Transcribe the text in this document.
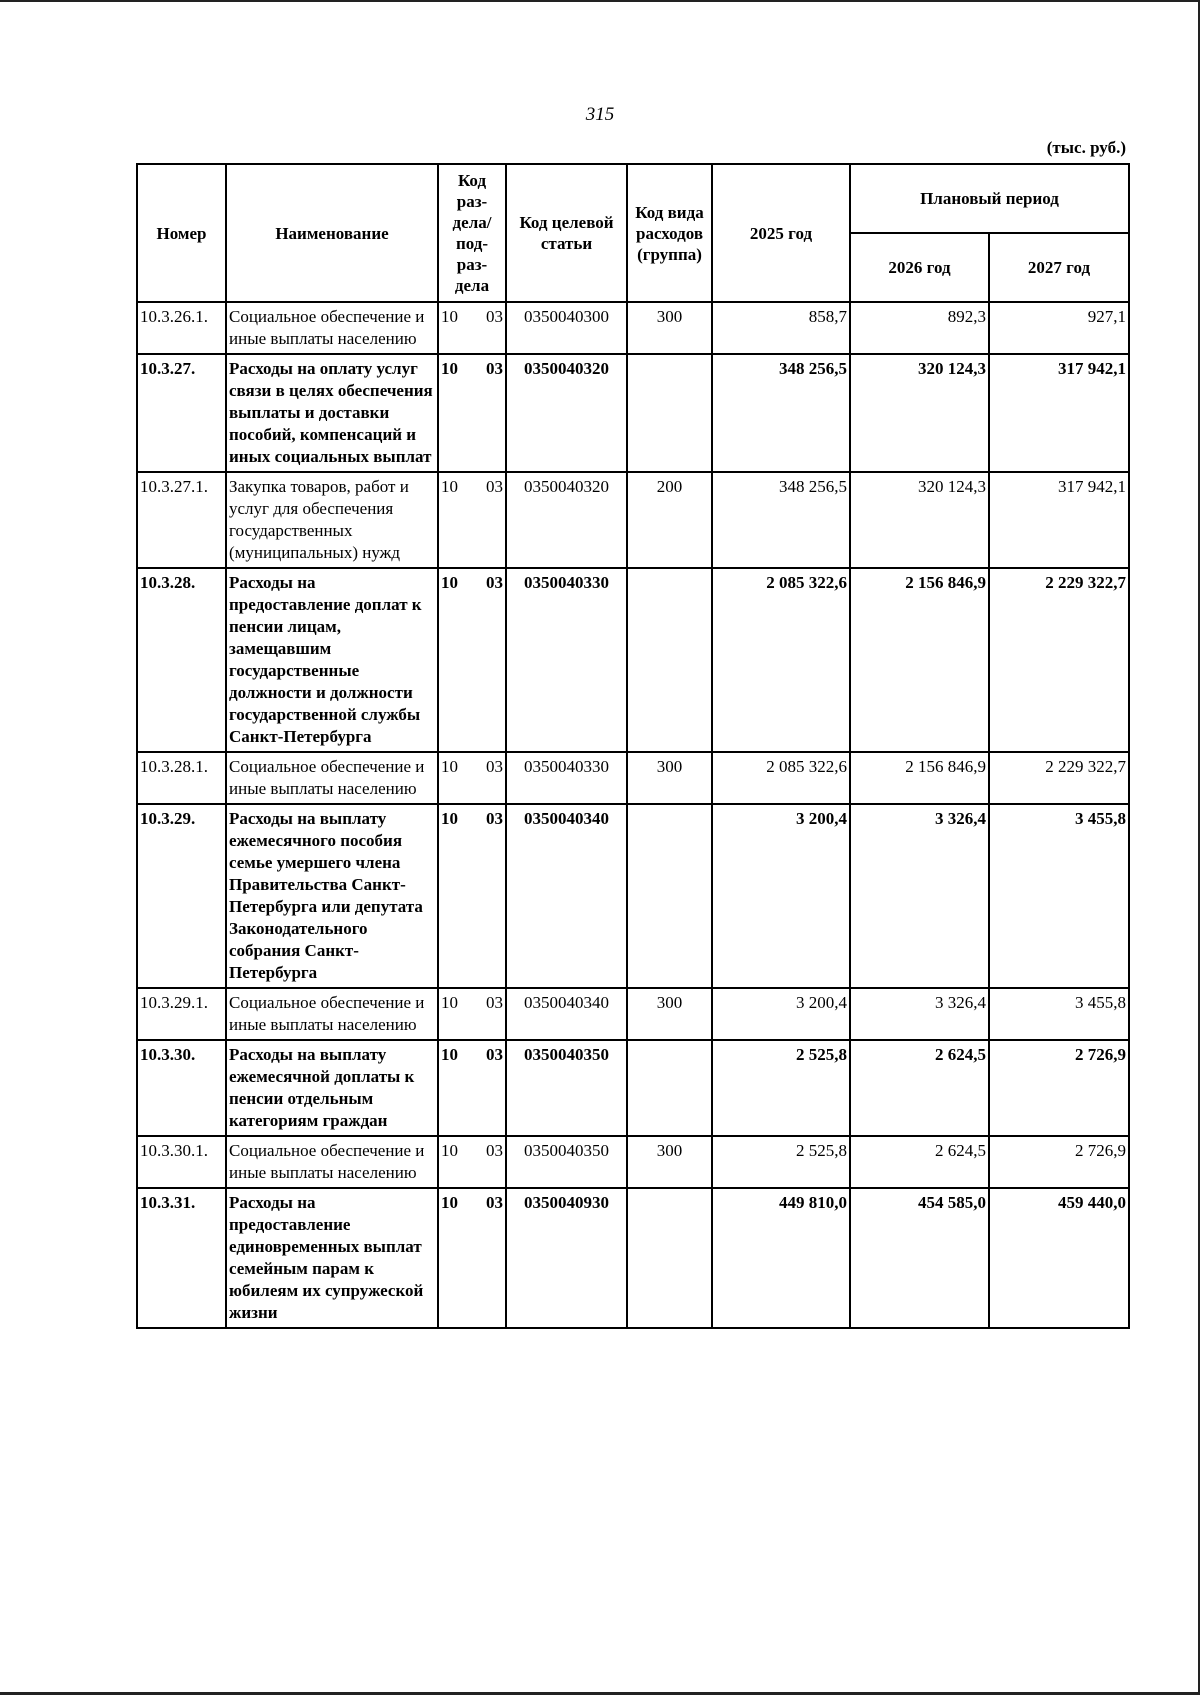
315
(тыс. руб.)
Номер	Наименование	Код раз-дела/ под-раз-дела	Код целевой статьи	Код вида расходов (группа)	2025 год	Плановый период	
						2026 год	2027 год
10.3.26.1.	Социальное обеспечение и иные выплаты населению	10 03	0350040300	300	858,7	892,3	927,1
10.3.27.	Расходы на оплату услуг связи в целях обеспечения выплаты и доставки пособий, компенсаций и иных социальных выплат	10 03	0350040320		348 256,5	320 124,3	317 942,1
10.3.27.1.	Закупка товаров, работ и услуг для обеспечения государственных (муниципальных) нужд	10 03	0350040320	200	348 256,5	320 124,3	317 942,1
10.3.28.	Расходы на предоставление доплат к пенсии лицам, замещавшим государственные должности и должности государственной службы Санкт-Петербурга	10 03	0350040330		2 085 322,6	2 156 846,9	2 229 322,7
10.3.28.1.	Социальное обеспечение и иные выплаты населению	10 03	0350040330	300	2 085 322,6	2 156 846,9	2 229 322,7
10.3.29.	Расходы на выплату ежемесячного пособия семье умершего члена Правительства Санкт-Петербурга или депутата Законодательного собрания Санкт-Петербурга	10 03	0350040340		3 200,4	3 326,4	3 455,8
10.3.29.1.	Социальное обеспечение и иные выплаты населению	10 03	0350040340	300	3 200,4	3 326,4	3 455,8
10.3.30.	Расходы на выплату ежемесячной доплаты к пенсии отдельным категориям граждан	10 03	0350040350		2 525,8	2 624,5	2 726,9
10.3.30.1.	Социальное обеспечение и иные выплаты населению	10 03	0350040350	300	2 525,8	2 624,5	2 726,9
10.3.31.	Расходы на предоставление единовременных выплат семейным парам к юбилеям их супружеской жизни	10 03	0350040930		449 810,0	454 585,0	459 440,0
